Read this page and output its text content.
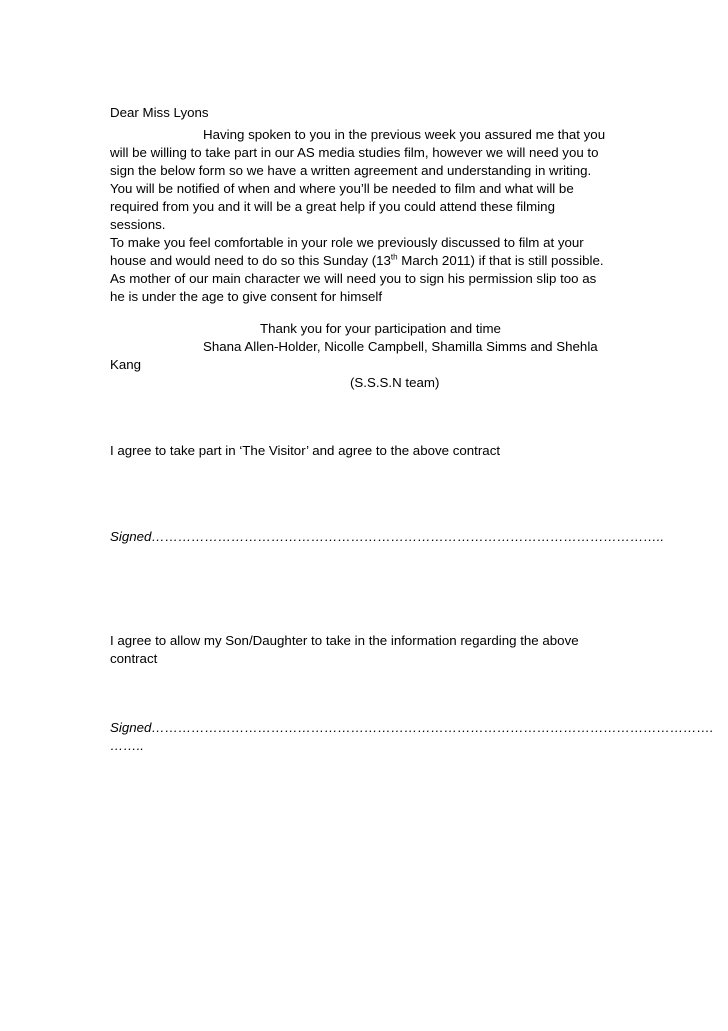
Dear Miss Lyons
Having spoken to you in the previous week you assured me that you
will be willing to take part in our AS media studies film, however we will need you to
sign the below form so we have a written agreement and understanding in writing.
You will be notified of when and where you’ll be needed to film and what will be
required from you and it will be a great help if you could attend these filming
sessions.
To make you feel comfortable in your role we previously discussed to film at your
house and would need to do so this Sunday (13th March 2011) if that is still possible.
As mother of our main character we will need you to sign his permission slip too as
he is under the age to give consent for himself
Thank you for your participation and time
Shana Allen-Holder, Nicolle Campbell, Shamilla Simms and Shehla
Kang
(S.S.S.N team)
I agree to take part in ‘The Visitor’ and agree to the above contract
Signed……………………………………………………………………………………………………..
I agree to allow my Son/Daughter to take in the information regarding the above
contract
Signed……………………………………………………………………………………………………………….
……..
